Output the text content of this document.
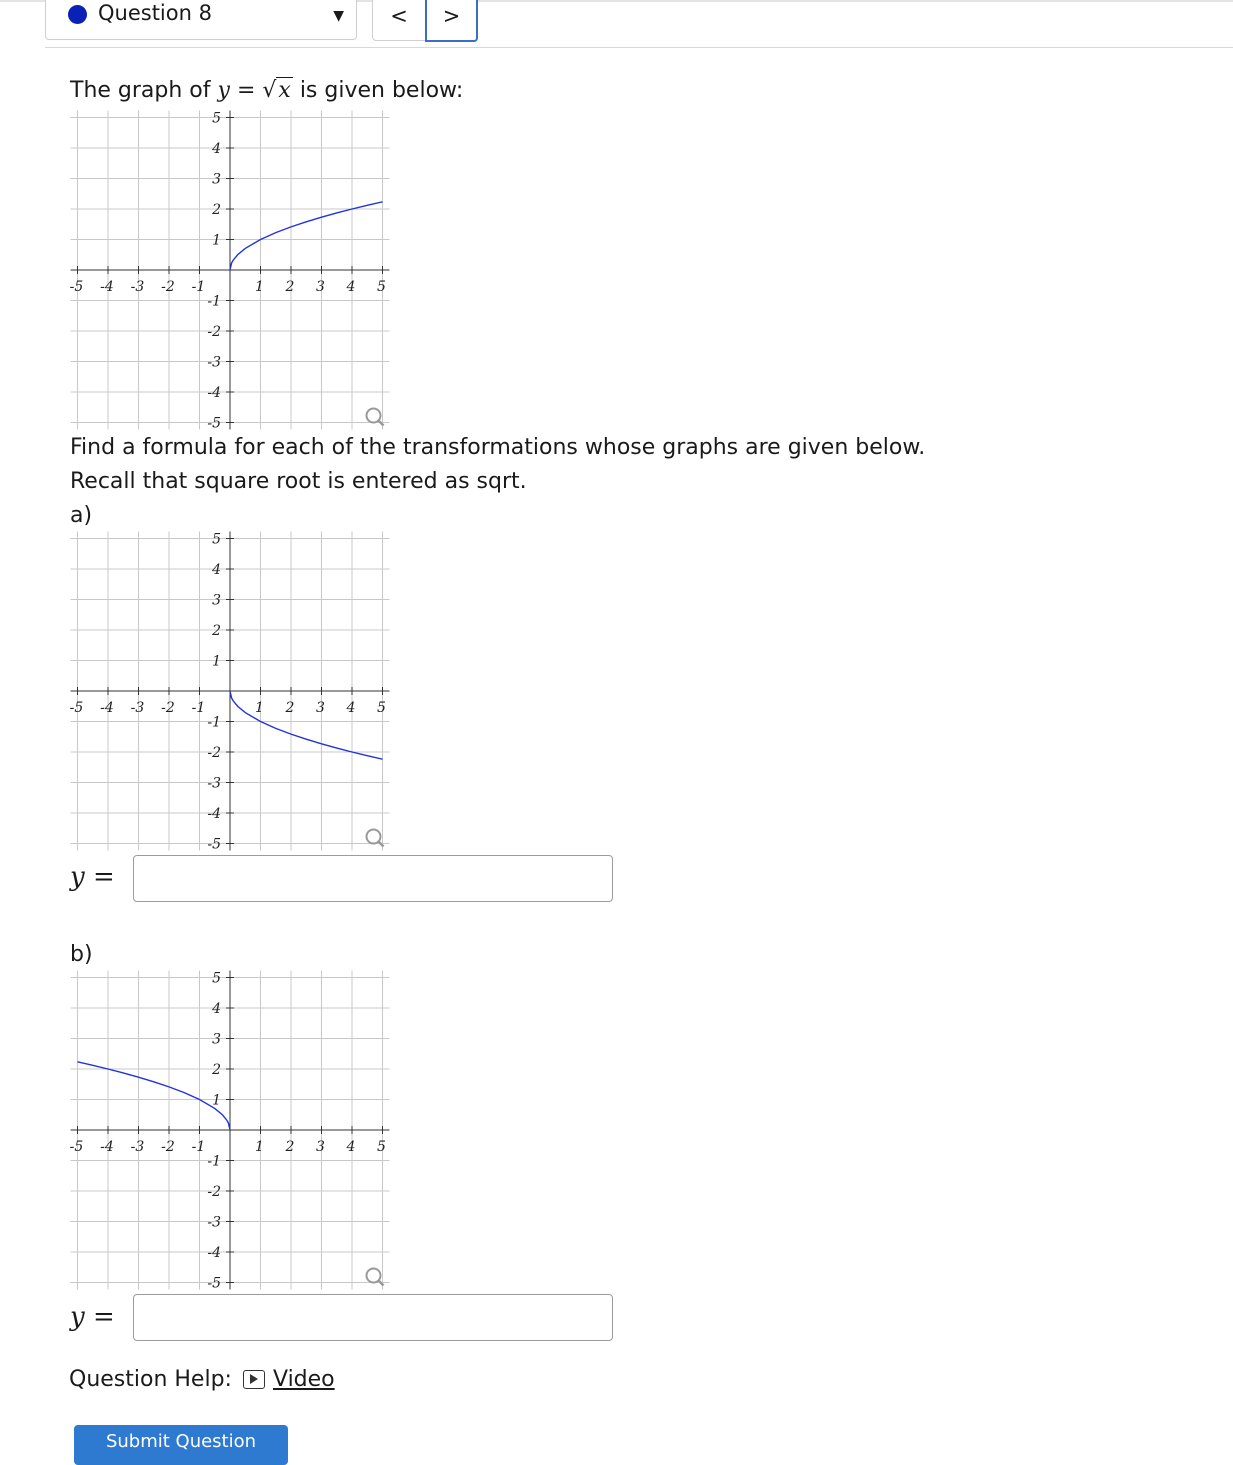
Question 8	▼	<	>
The graph of y = √x is given below:
-5 -4 -3 -2 -1	1 2 3 4 5
5
4
3
2
1
-1
-2
-3
-4
-5
Find a formula for each of the transformations whose graphs are given below.
Recall that square root is entered as sqrt.
a)
-5 -4 -3 -2 -1	1 2 3 4 5
5
4
3
2
1
-1
-2
-3
-4
-5
y =
b)
-5 -4 -3 -2 -1	1 2 3 4 5
5
4
3
2
1
-1
-2
-3
-4
-5
y =
Question Help: Video
Submit Question
